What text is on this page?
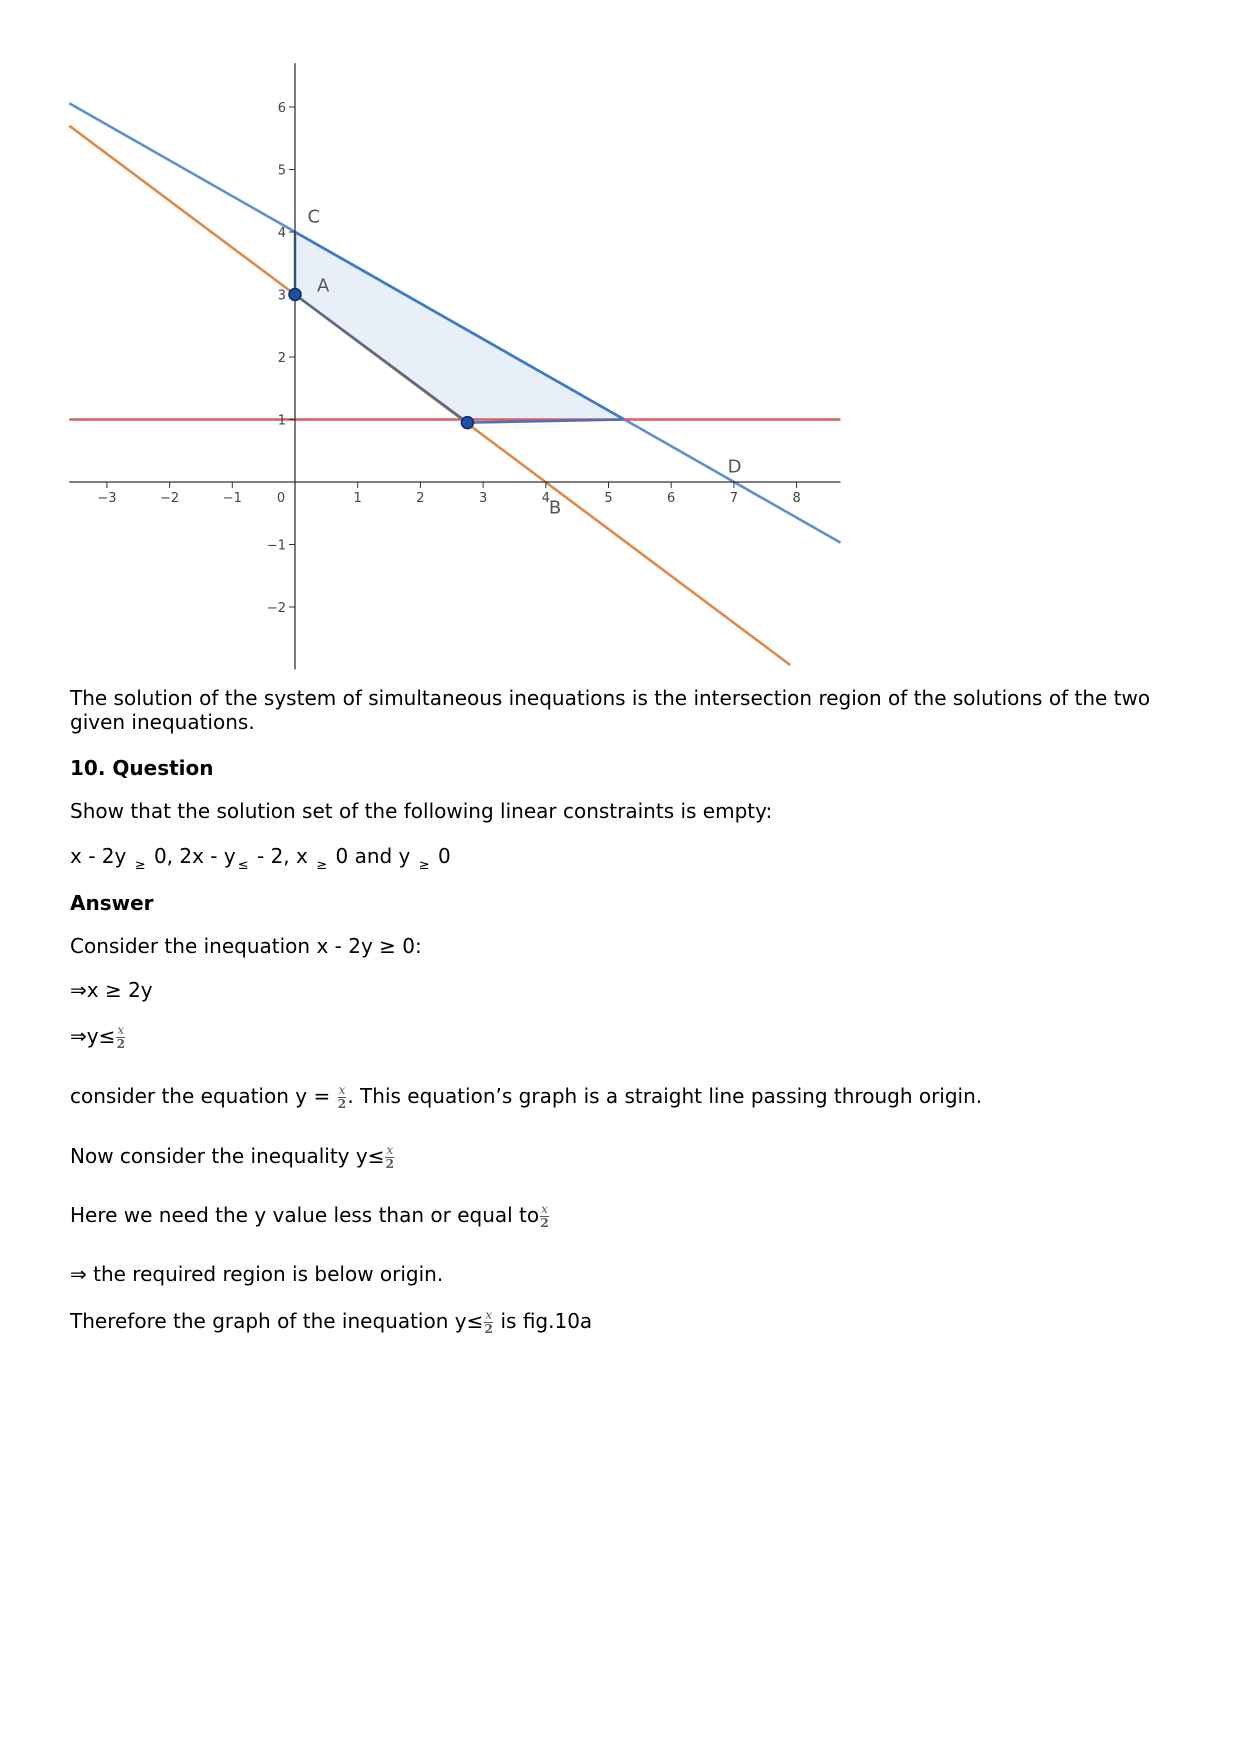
−3	−2	−1	0	1	2	3	4	5	6	7	8
−2
−1
1
2
3
4
5
6
C
A
B
D
The solution of the system of simultaneous inequations is the intersection region of the solutions of the two given inequations.
10. Question
Show that the solution set of the following linear constraints is empty:
x - 2y $_\ge$ 0, 2x - y $_\le$ - 2, x $_\ge$ 0 and y $_\ge$ 0
Answer
Consider the inequation x - 2y ≥ 0:
⇒x ≥ 2y
⇒y≤ $\frac{x}{2}$
consider the equation $y = \frac{x}{2}$ . This equation’s graph is a straight line passing through origin.
Now consider the inequality $y\le \frac{x}{2}$
Here we need the y value less than or equal to $\frac{x}{2}$
⇒ the required region is below origin.
Therefore the graph of the inequation $y\le \frac{x}{2}$ is fig.10a
